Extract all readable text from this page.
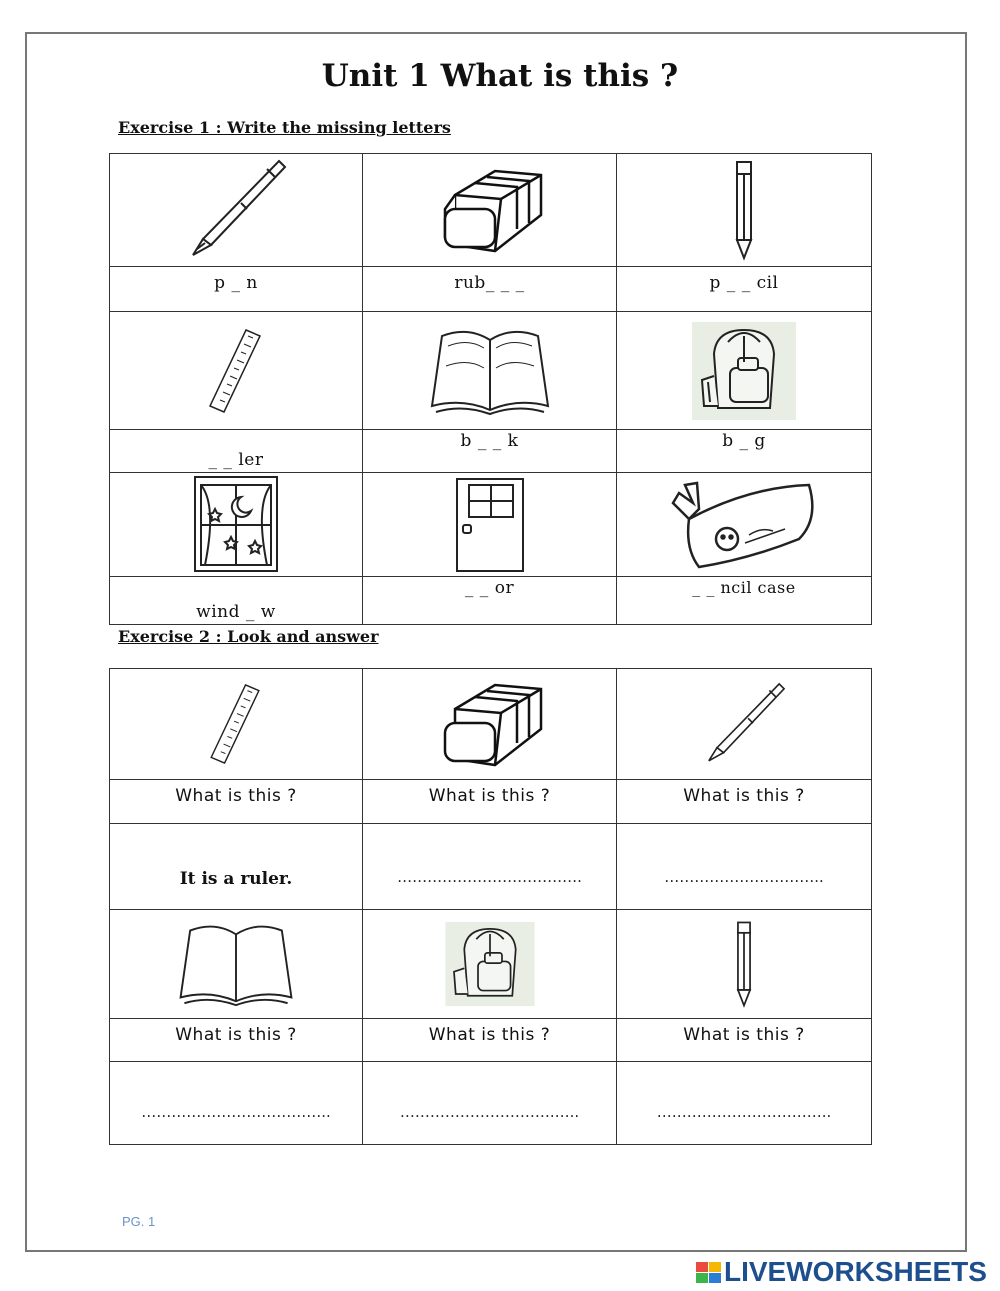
Unit 1 What is this ?

Exercise 1 : Write the missing letters

p _ n	rub_ _ _	p _ _ cil

_ _ ler	b _ _ k	b _ g

wind _ w	_ _ or	_ _ ncil case

Exercise 2 : Look and answer

What is this ?	What is this ?	What is this ?
It is a ruler.	……………………………….	…………………………..

What is this ?	What is this ?	What is this ?
………………………………..	………………………….…..	……………………………..
PG. 1
LIVEWORKSHEETS
